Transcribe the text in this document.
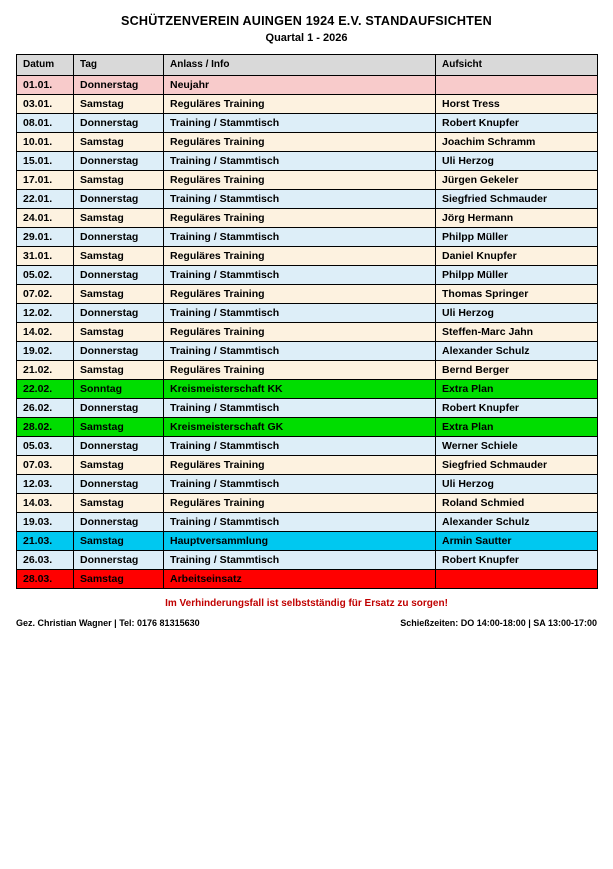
SCHÜTZENVEREIN AUINGEN 1924 E.V. STANDAUFSICHTEN
Quartal 1 - 2026
Datum	Tag	Anlass / Info	Aufsicht
01.01.	Donnerstag	Neujahr	
03.01.	Samstag	Reguläres Training	Horst Tress
08.01.	Donnerstag	Training / Stammtisch	Robert Knupfer
10.01.	Samstag	Reguläres Training	Joachim Schramm
15.01.	Donnerstag	Training / Stammtisch	Uli Herzog
17.01.	Samstag	Reguläres Training	Jürgen Gekeler
22.01.	Donnerstag	Training / Stammtisch	Siegfried Schmauder
24.01.	Samstag	Reguläres Training	Jörg Hermann
29.01.	Donnerstag	Training / Stammtisch	Philpp Müller
31.01.	Samstag	Reguläres Training	Daniel Knupfer
05.02.	Donnerstag	Training / Stammtisch	Philpp Müller
07.02.	Samstag	Reguläres Training	Thomas Springer
12.02.	Donnerstag	Training / Stammtisch	Uli Herzog
14.02.	Samstag	Reguläres Training	Steffen-Marc Jahn
19.02.	Donnerstag	Training / Stammtisch	Alexander Schulz
21.02.	Samstag	Reguläres Training	Bernd Berger
22.02.	Sonntag	Kreismeisterschaft KK	Extra Plan
26.02.	Donnerstag	Training / Stammtisch	Robert Knupfer
28.02.	Samstag	Kreismeisterschaft GK	Extra Plan
05.03.	Donnerstag	Training / Stammtisch	Werner Schiele
07.03.	Samstag	Reguläres Training	Siegfried Schmauder
12.03.	Donnerstag	Training / Stammtisch	Uli Herzog
14.03.	Samstag	Reguläres Training	Roland Schmied
19.03.	Donnerstag	Training / Stammtisch	Alexander Schulz
21.03.	Samstag	Hauptversammlung	Armin Sautter
26.03.	Donnerstag	Training / Stammtisch	Robert Knupfer
28.03.	Samstag	Arbeitseinsatz	
Im Verhinderungsfall ist selbstständig für Ersatz zu sorgen!
Gez. Christian Wagner | Tel: 0176 81315630	Schießzeiten: DO 14:00-18:00 | SA 13:00-17:00
